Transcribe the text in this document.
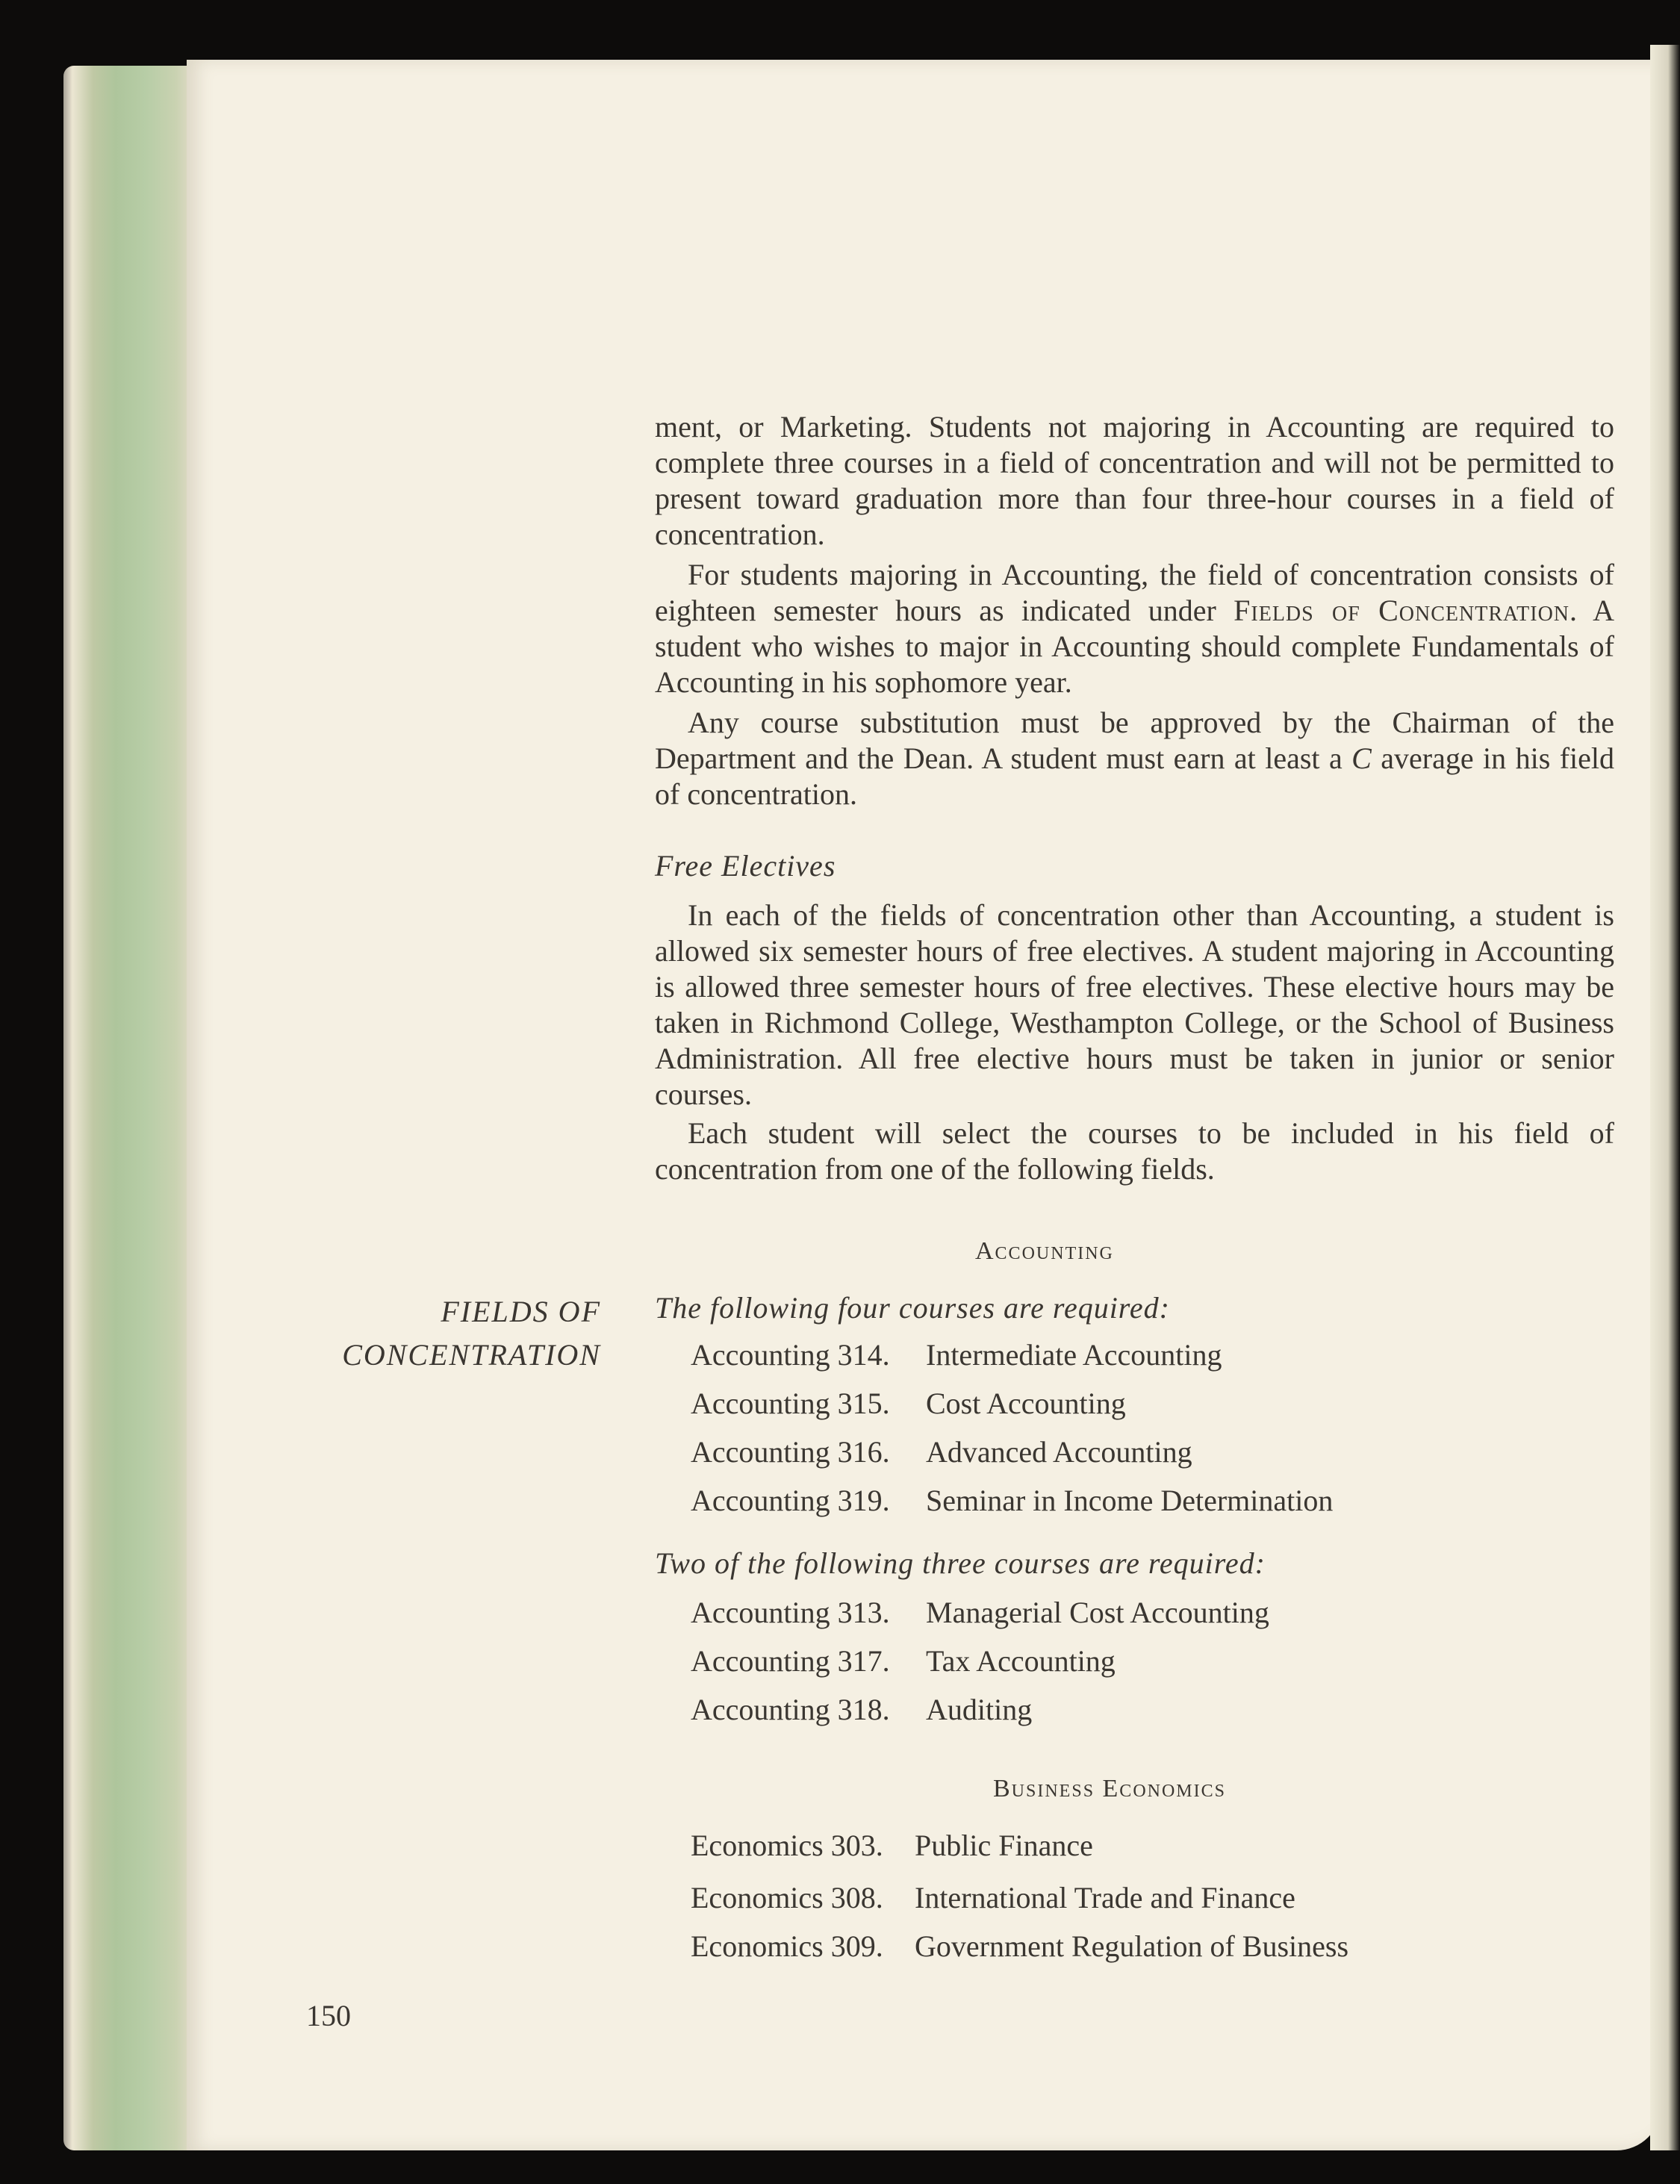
ment, or Marketing. Students not majoring in Accounting are required to complete three courses in a field of concentration and will not be permitted to present toward graduation more than four three-hour courses in a field of concentration.

For students majoring in Accounting, the field of concentration consists of eighteen semester hours as indicated under Fields of Concentration. A student who wishes to major in Accounting should complete Fundamentals of Accounting in his sophomore year.

Any course substitution must be approved by the Chairman of the Department and the Dean. A student must earn at least a C average in his field of concentration.

Free Electives

In each of the fields of concentration other than Accounting, a student is allowed six semester hours of free electives. A student majoring in Accounting is allowed three semester hours of free electives. These elective hours may be taken in Richmond College, Westhampton College, or the School of Business Administration. All free elective hours must be taken in junior or senior courses.

Each student will select the courses to be included in his field of concentration from one of the following fields.

Accounting

FIELDS OF
CONCENTRATION

The following four courses are required:

Accounting 314. Intermediate Accounting
Accounting 315. Cost Accounting
Accounting 316. Advanced Accounting
Accounting 319. Seminar in Income Determination

Two of the following three courses are required:

Accounting 313. Managerial Cost Accounting
Accounting 317. Tax Accounting
Accounting 318. Auditing

Business Economics

Economics 303. Public Finance
Economics 308. International Trade and Finance
Economics 309. Government Regulation of Business

150
